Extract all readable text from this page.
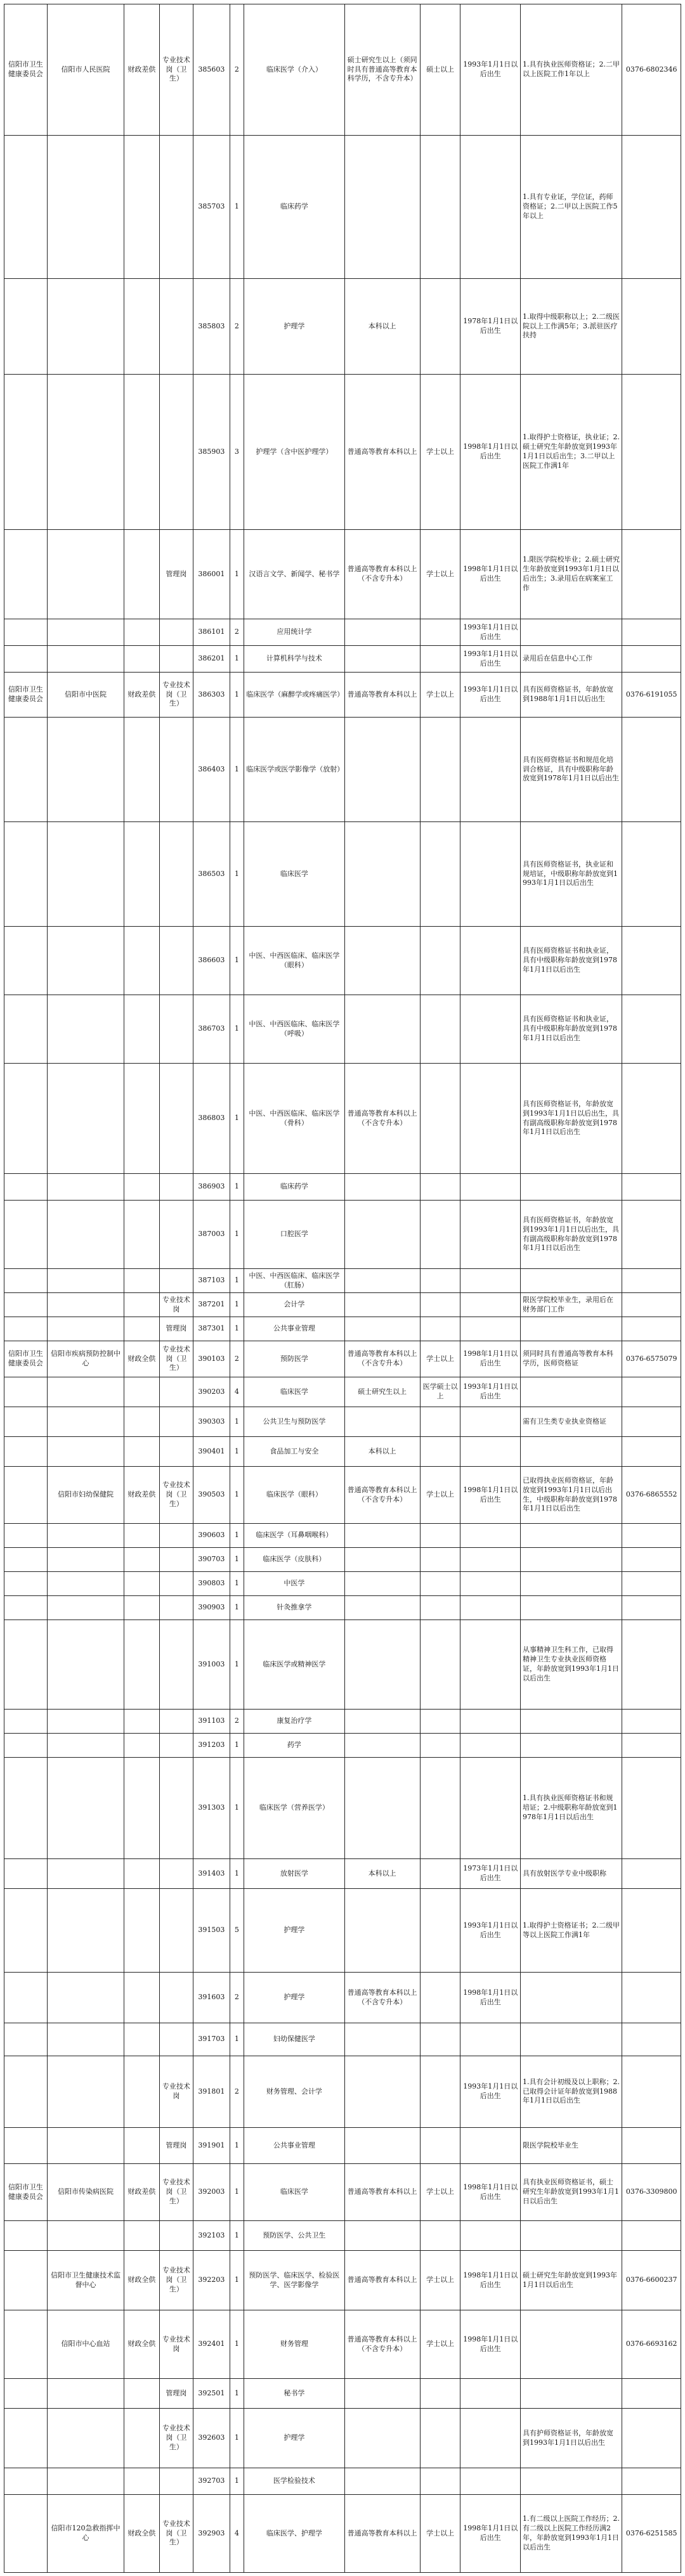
信阳市卫生健康委员会	信阳市人民医院	财政差供	专业技术岗（卫生）	385603	2	临床医学（介入）	硕士研究生以上（须同时具有普通高等教育本科学历，不含专升本）	硕士以上	1993年1月1日以后出生	1.具有执业医师资格证；2.二甲以上医院工作1年以上	0376-6802346
				385703	1	临床药学				1.具有专业证，学位证，药师资格证；2.二甲以上医院工作5年以上	
				385803	2	护理学	本科以上		1978年1月1日以后出生	1.取得中级职称以上；2.二级医院以上工作满5年；3.派驻医疗扶持	
				385903	3	护理学（含中医护理学）	普通高等教育本科以上	学士以上	1998年1月1日以后出生	1.取得护士资格证，执业证；2.硕士研究生年龄放宽到1993年1月1日以后出生；3.二甲以上医院工作满1年	
			管理岗	386001	1	汉语言文学、新闻学、秘书学	普通高等教育本科以上（不含专升本）	学士以上	1998年1月1日以后出生	1.限医学院校毕业；2.硕士研究生年龄放宽到1993年1月1日以后出生；3.录用后在病案室工作	
				386101	2	应用统计学			1993年1月1日以后出生		
				386201	1	计算机科学与技术			1993年1月1日以后出生	录用后在信息中心工作	
信阳市卫生健康委员会	信阳市中医院	财政差供	专业技术岗（卫生）	386303	1	临床医学（麻醉学或疼痛医学）	普通高等教育本科以上	学士以上	1993年1月1日以后出生	具有医师资格证书，年龄放宽到1988年1月1日以后出生	0376-6191055
				386403	1	临床医学或医学影像学（放射）				具有医师资格证书和规范化培训合格证，具有中级职称年龄放宽到1978年1月1日以后出生	
				386503	1	临床医学				具有医师资格证书，执业证和规培证，中级职称年龄放宽到1993年1月1日以后出生	
				386603	1	中医、中西医临床、临床医学（眼科）				具有医师资格证书和执业证，具有中级职称年龄放宽到1978年1月1日以后出生	
				386703	1	中医、中西医临床、临床医学（呼吸）				具有医师资格证书和执业证，具有中级职称年龄放宽到1978年1月1日以后出生	
				386803	1	中医、中西医临床、临床医学（骨科）	普通高等教育本科以上（不含专升本）			具有医师资格证书，年龄放宽到1993年1月1日以后出生，具有副高级职称年龄放宽到1978年1月1日以后出生	
				386903	1	临床药学					
				387003	1	口腔医学				具有医师资格证书，年龄放宽到1993年1月1日以后出生，具有副高级职称年龄放宽到1978年1月1日以后出生	
				387103	1	中医、中西医临床、临床医学（肛肠）					
			专业技术岗	387201	1	会计学				限医学院校毕业生，录用后在财务部门工作	
			管理岗	387301	1	公共事业管理					
信阳市卫生健康委员会	信阳市疾病预防控制中心	财政全供	专业技术岗（卫生）	390103	2	预防医学	普通高等教育本科以上（不含专升本）	学士以上	1998年1月1日以后出生	须同时具有普通高等教育本科学历，医师资格证	0376-6575079
				390203	4	临床医学	硕士研究生以上	医学硕士以上	1993年1月1日以后出生		
				390303	1	公共卫生与预防医学				需有卫生类专业执业资格证	
				390401	1	食品加工与安全	本科以上				
	信阳市妇幼保健院	财政差供	专业技术岗（卫生）	390503	1	临床医学（眼科）	普通高等教育本科以上（不含专升本）	学士以上	1998年1月1日以后出生	已取得执业医师资格证，年龄放宽到1993年1月1日以后出生，中级职称年龄放宽到1978年1月1日以后出生	0376-6865552
				390603	1	临床医学（耳鼻咽喉科）					
				390703	1	临床医学（皮肤科）					
				390803	1	中医学					
				390903	1	针灸推拿学					
				391003	1	临床医学或精神医学				从事精神卫生科工作，已取得精神卫生专业执业医师资格证，年龄放宽到1993年1月1日以后出生	
				391103	2	康复治疗学					
				391203	1	药学					
				391303	1	临床医学（营养医学）				1.具有执业医师资格证书和规培证；2.中级职称年龄放宽到1978年1月1日以后出生	
				391403	1	放射医学	本科以上		1973年1月1日以后出生	具有放射医学专业中级职称	
				391503	5	护理学			1993年1月1日以后出生	1.取得护士资格证书；2.二级甲等以上医院工作满1年	
				391603	2	护理学	普通高等教育本科以上（不含专升本）		1998年1月1日以后出生		
				391703	1	妇幼保健医学					
			专业技术岗	391801	2	财务管理、会计学			1993年1月1日以后出生	1.具有会计初级及以上职称；2.已取得会计证年龄放宽到1988年1月1日以后出生	
			管理岗	391901	1	公共事业管理				限医学院校毕业生	
信阳市卫生健康委员会	信阳市传染病医院	财政差供	专业技术岗（卫生）	392003	1	临床医学	普通高等教育本科以上	学士以上	1998年1月1日以后出生	具有执业医师资格证书，硕士研究生年龄放宽到1993年1月1日以后出生	0376-3309800
				392103	1	预防医学、公共卫生					
	信阳市卫生健康技术监督中心	财政全供	专业技术岗（卫生）	392203	1	预防医学、临床医学、检验医学、医学影像学	普通高等教育本科以上	学士以上	1998年1月1日以后出生	硕士研究生年龄放宽到1993年1月1日以后出生	0376-6600237
	信阳市中心血站	财政全供	专业技术岗	392401	1	财务管理	普通高等教育本科以上（不含专升本）	学士以上	1998年1月1日以后出生		0376-6693162
			管理岗	392501	1	秘书学					
			专业技术岗（卫生）	392603	1	护理学				具有护师资格证书，年龄放宽到1993年1月1日以后出生	
				392703	1	医学检验技术					
	信阳市120急救指挥中心	财政全供	专业技术岗（卫生）	392903	4	临床医学、护理学	普通高等教育本科以上	学士以上	1998年1月1日以后出生	1.有二级以上医院工作经历；2.有二级以上医院工作经历满2年，年龄放宽到1993年1月1日以后出生	0376-6251585
